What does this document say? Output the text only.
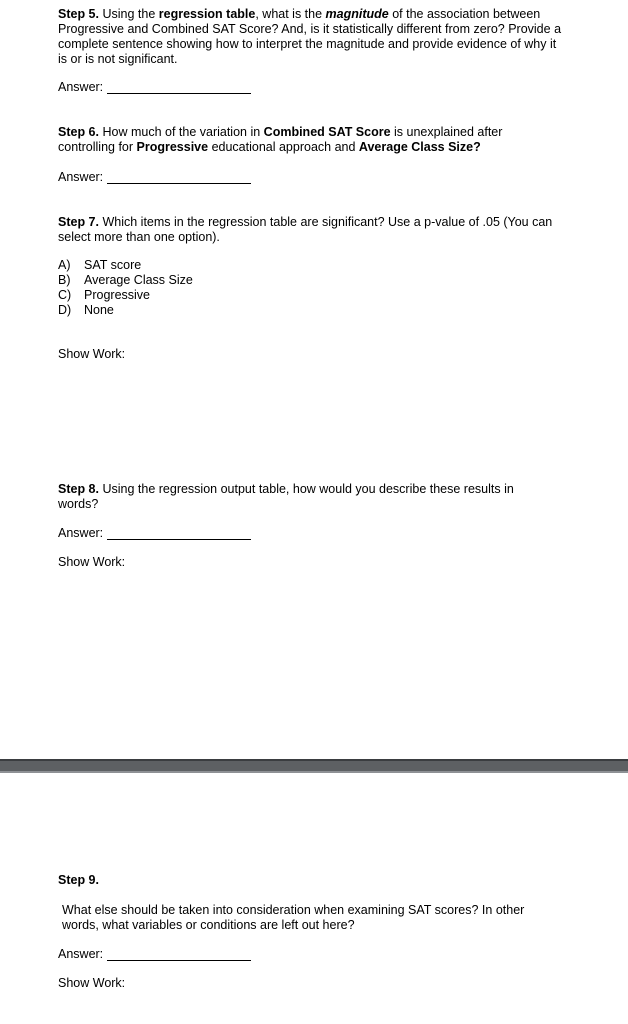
Step 5. Using the regression table, what is the magnitude of the association between Progressive and Combined SAT Score? And, is it statistically different from zero? Provide a complete sentence showing how to interpret the magnitude and provide evidence of why it is or is not significant.

Answer:

Step 6. How much of the variation in Combined SAT Score is unexplained after controlling for Progressive educational approach and Average Class Size?

Answer:

Step 7. Which items in the regression table are significant? Use a p-value of .05 (You can select more than one option).

A) SAT score
B) Average Class Size
C) Progressive
D) None
Show Work:

Step 8. Using the regression output table, how would you describe these results in words?

Answer:
Show Work:
Step 9.

What else should be taken into consideration when examining SAT scores? In other words, what variables or conditions are left out here?

Answer:
Show Work:
